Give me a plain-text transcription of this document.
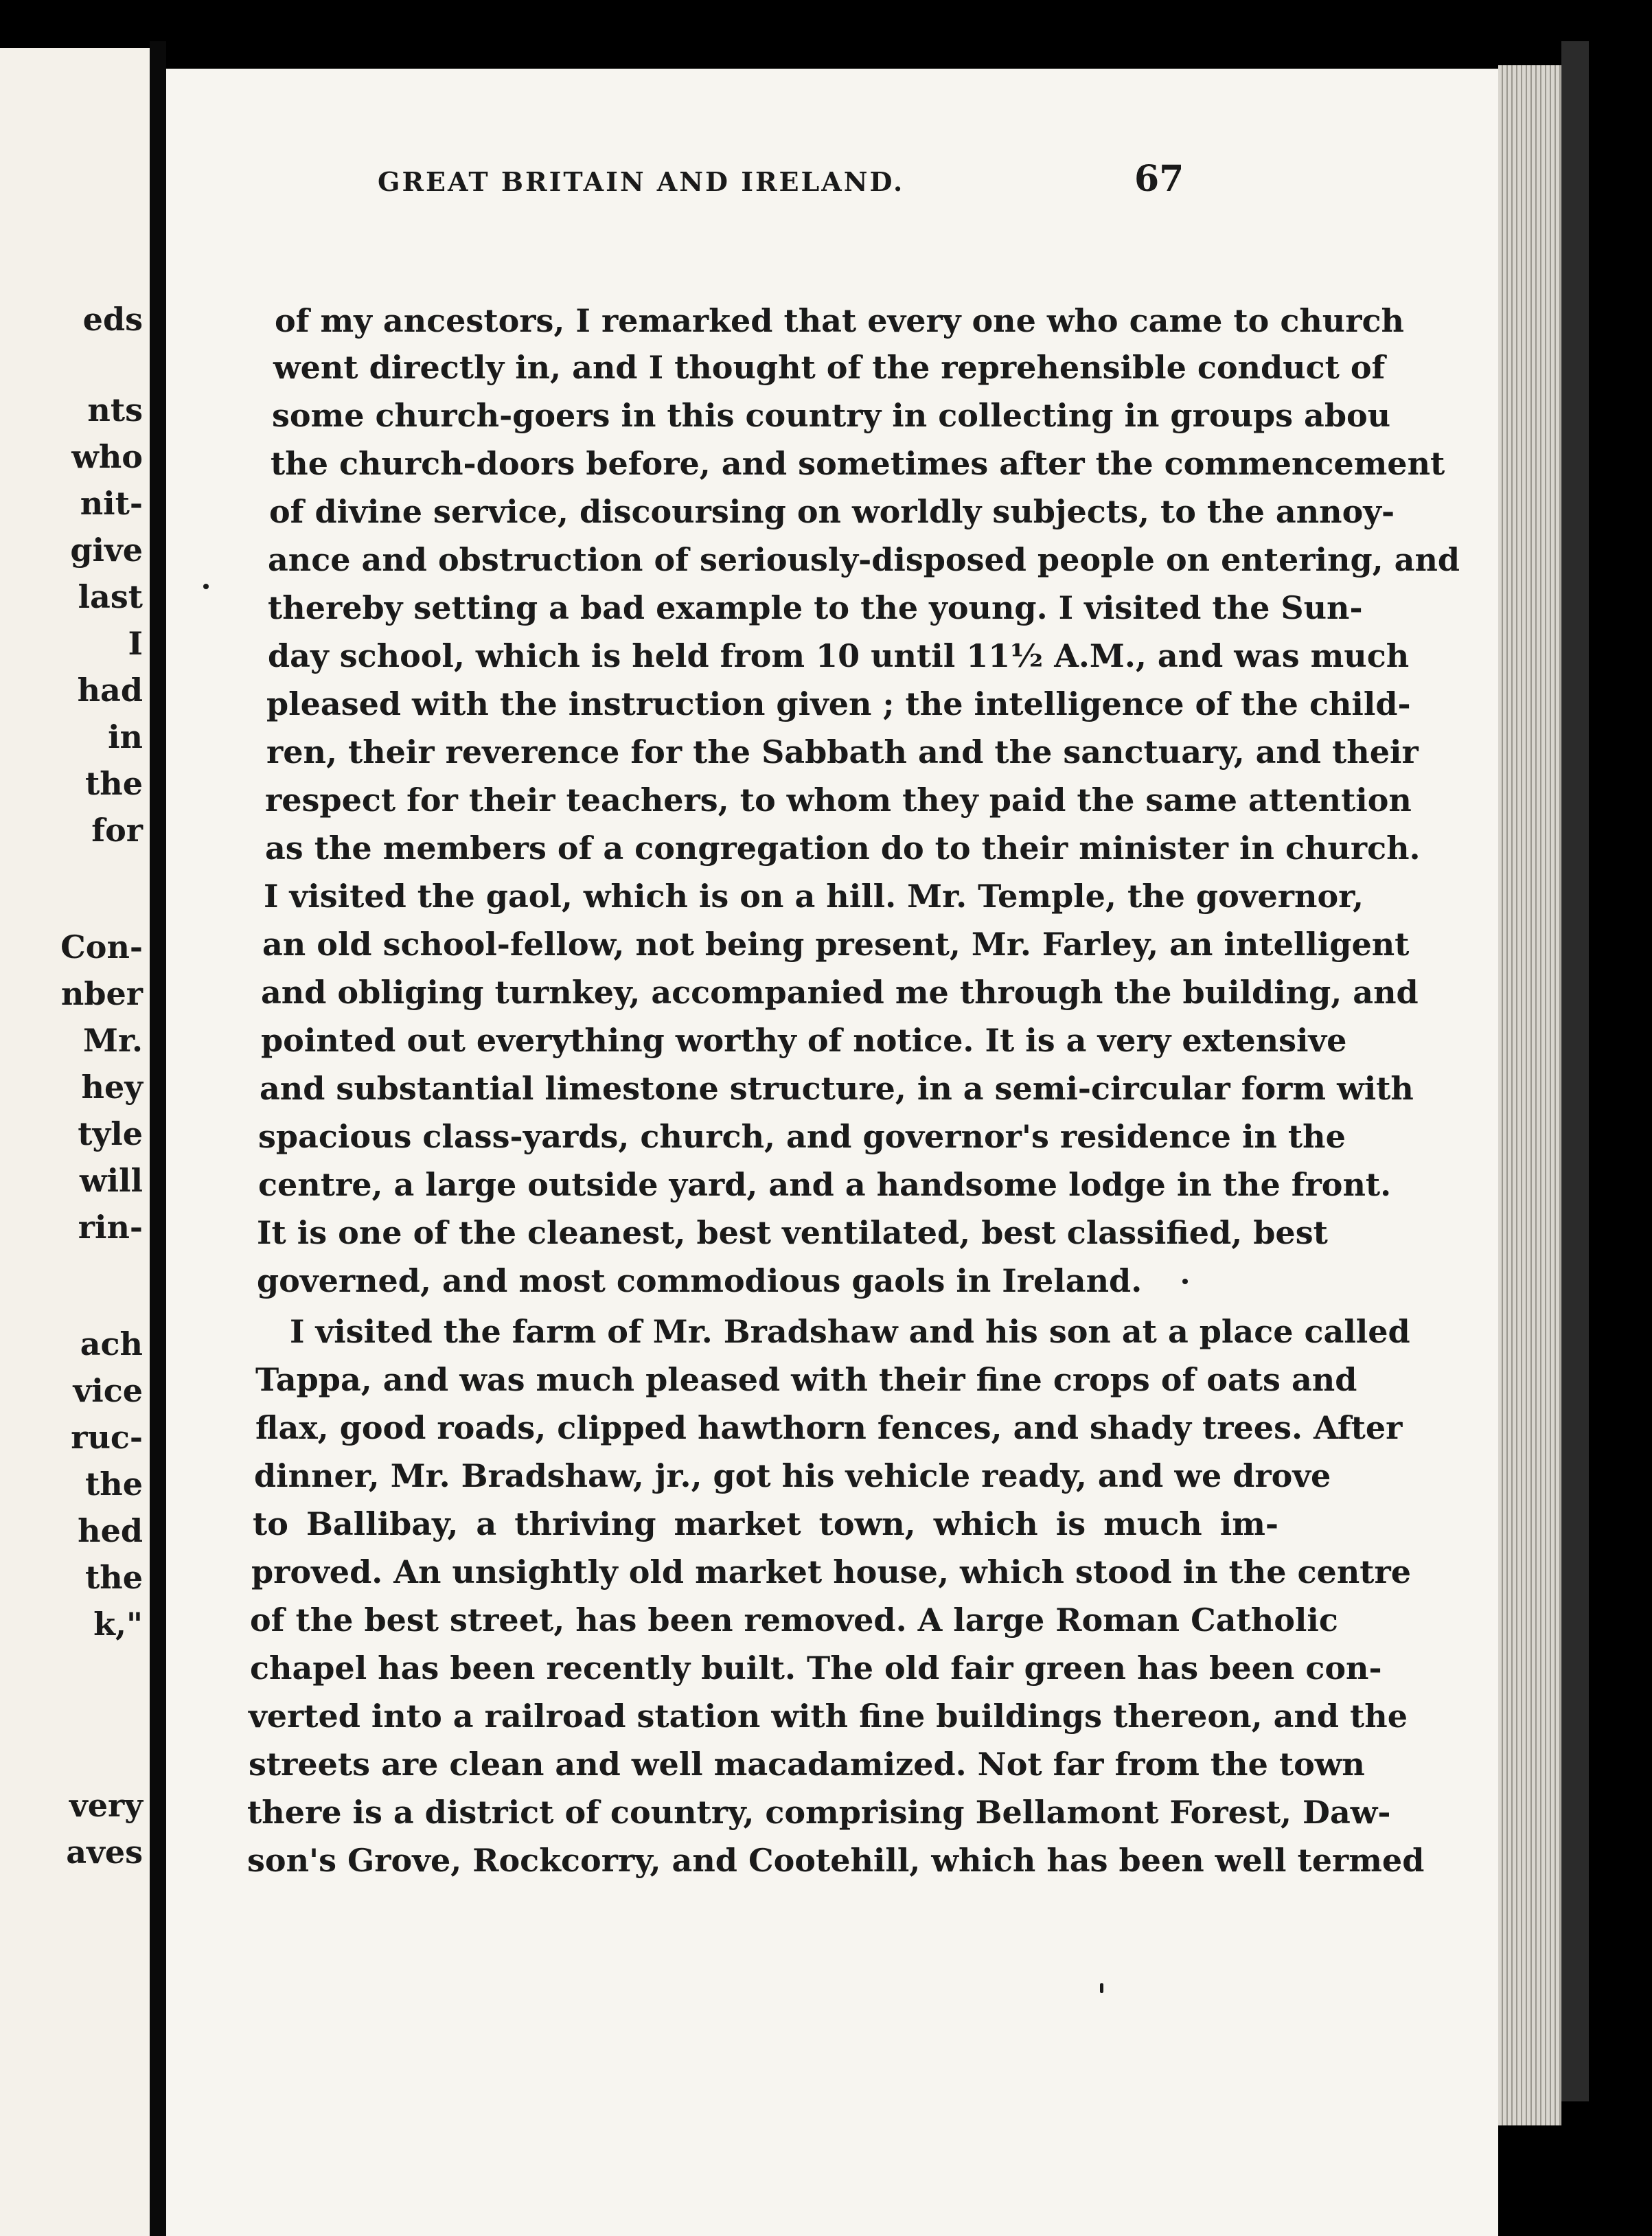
eds
nts
who
nit-
give
last
I
had
in
the
for
Con-
nber
Mr.
hey
tyle
will
rin-
ach
vice
ruc-
the
hed
the
k,"
very
aves
GREAT BRITAIN AND IRELAND.	67
of my ancestors, I remarked that every one who came to church
went directly in, and I thought of the reprehensible conduct of
some church-goers in this country in collecting in groups abou
the church-doors before, and sometimes after the commencement
of divine service, discoursing on worldly subjects, to the annoy-
ance and obstruction of seriously-disposed people on entering, and
thereby setting a bad example to the young. I visited the Sun-
day school, which is held from 10 until 11½ A.M., and was much
pleased with the instruction given ; the intelligence of the child-
ren, their reverence for the Sabbath and the sanctuary, and their
respect for their teachers, to whom they paid the same attention
as the members of a congregation do to their minister in church.
I visited the gaol, which is on a hill. Mr. Temple, the governor,
an old school-fellow, not being present, Mr. Farley, an intelligent
and obliging turnkey, accompanied me through the building, and
pointed out everything worthy of notice. It is a very extensive
and substantial limestone structure, in a semi-circular form with
spacious class-yards, church, and governor's residence in the
centre, a large outside yard, and a handsome lodge in the front.
It is one of the cleanest, best ventilated, best classified, best
governed, and most commodious gaols in Ireland.
I visited the farm of Mr. Bradshaw and his son at a place called
Tappa, and was much pleased with their fine crops of oats and
flax, good roads, clipped hawthorn fences, and shady trees. After
dinner, Mr. Bradshaw, jr., got his vehicle ready, and we drove
to Ballibay, a thriving market town, which is much im-
proved. An unsightly old market house, which stood in the centre
of the best street, has been removed. A large Roman Catholic
chapel has been recently built. The old fair green has been con-
verted into a railroad station with fine buildings thereon, and the
streets are clean and well macadamized. Not far from the town
there is a district of country, comprising Bellamont Forest, Daw-
son's Grove, Rockcorry, and Cootehill, which has been well termed
